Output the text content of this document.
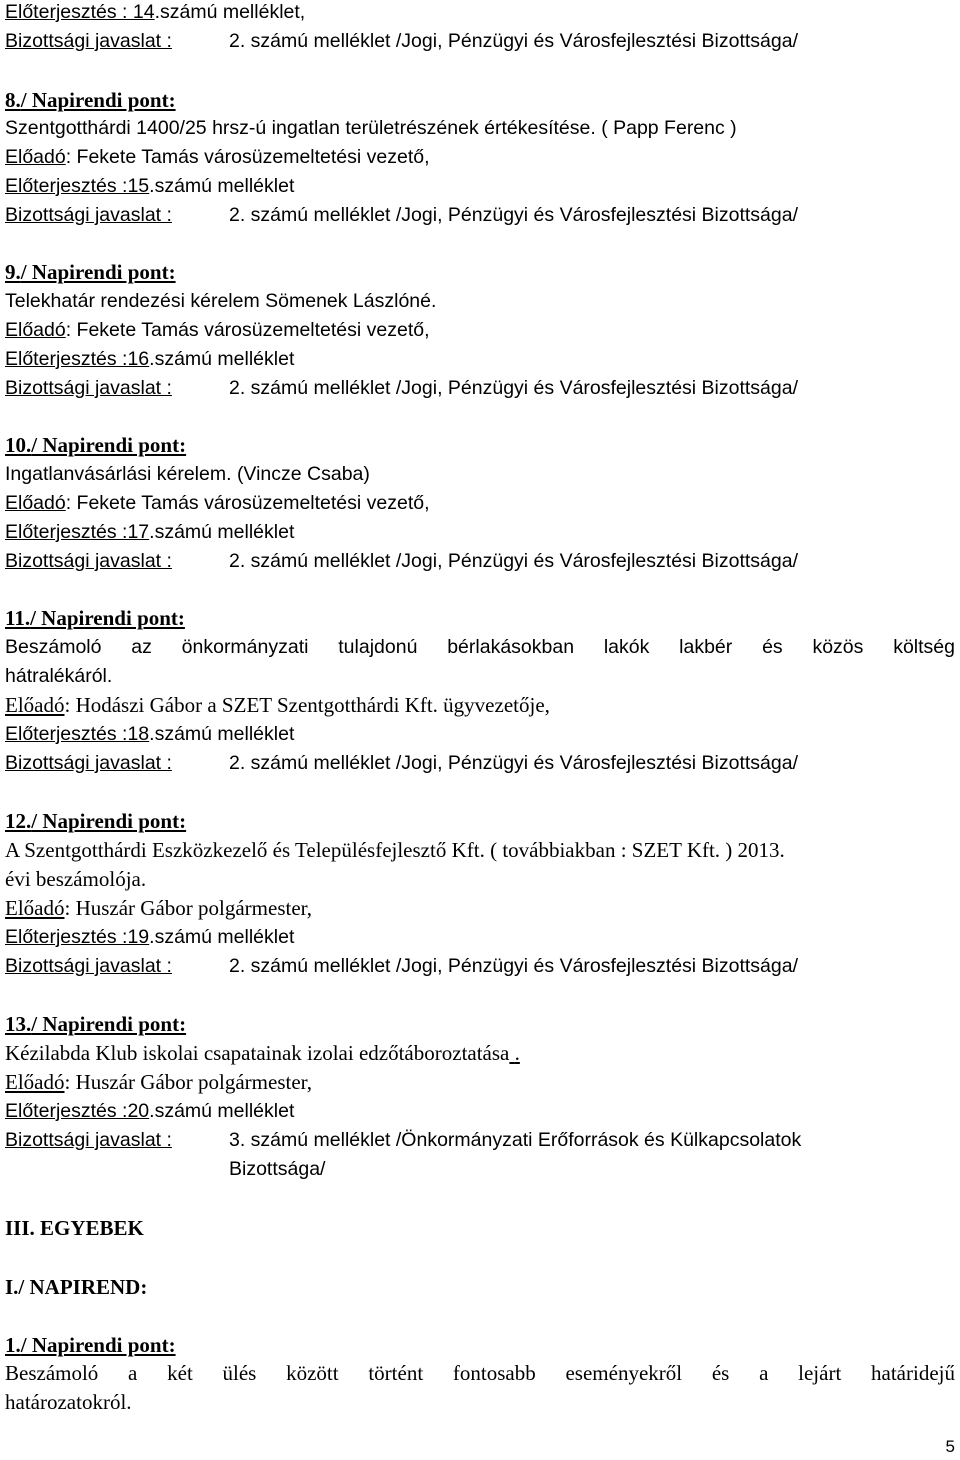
Előterjesztés : 14.számú melléklet,
Bizottsági javaslat :	2. számú melléklet /Jogi, Pénzügyi és Városfejlesztési Bizottsága/
8./ Napirendi pont:
Szentgotthárdi 1400/25 hrsz-ú ingatlan területrészének értékesítése. ( Papp Ferenc )
Előadó: Fekete Tamás városüzemeltetési vezető,
Előterjesztés :15.számú melléklet
Bizottsági javaslat :	2. számú melléklet /Jogi, Pénzügyi és Városfejlesztési Bizottsága/
9./ Napirendi pont:
Telekhatár rendezési kérelem Sömenek Lászlóné.
Előadó: Fekete Tamás városüzemeltetési vezető,
Előterjesztés :16.számú melléklet
Bizottsági javaslat :	2. számú melléklet /Jogi, Pénzügyi és Városfejlesztési Bizottsága/
10./ Napirendi pont:
Ingatlanvásárlási kérelem. (Vincze Csaba)
Előadó: Fekete Tamás városüzemeltetési vezető,
Előterjesztés :17.számú melléklet
Bizottsági javaslat :	2. számú melléklet /Jogi, Pénzügyi és Városfejlesztési Bizottsága/
11./ Napirendi pont:
Beszámoló az önkormányzati tulajdonú bérlakásokban lakók lakbér és közös költség
hátralékáról.
Előadó: Hodászi Gábor a SZET Szentgotthárdi Kft. ügyvezetője,
Előterjesztés :18.számú melléklet
Bizottsági javaslat :	2. számú melléklet /Jogi, Pénzügyi és Városfejlesztési Bizottsága/
12./ Napirendi pont:
A Szentgotthárdi Eszközkezelő és Településfejlesztő Kft. ( továbbiakban : SZET Kft. ) 2013.
évi beszámolója.
Előadó: Huszár Gábor polgármester,
Előterjesztés :19.számú melléklet
Bizottsági javaslat :	2. számú melléklet /Jogi, Pénzügyi és Városfejlesztési Bizottsága/
13./ Napirendi pont:
Kézilabda Klub iskolai csapatainak izolai edzőtáboroztatása .
Előadó: Huszár Gábor polgármester,
Előterjesztés :20.számú melléklet
Bizottsági javaslat :	3. számú melléklet /Önkormányzati Erőforrások és Külkapcsolatok
Bizottsága/
III. EGYEBEK
I./ NAPIREND:
1./ Napirendi pont:
Beszámoló a két ülés között történt fontosabb eseményekről és a lejárt határidejű
határozatokról.
5
